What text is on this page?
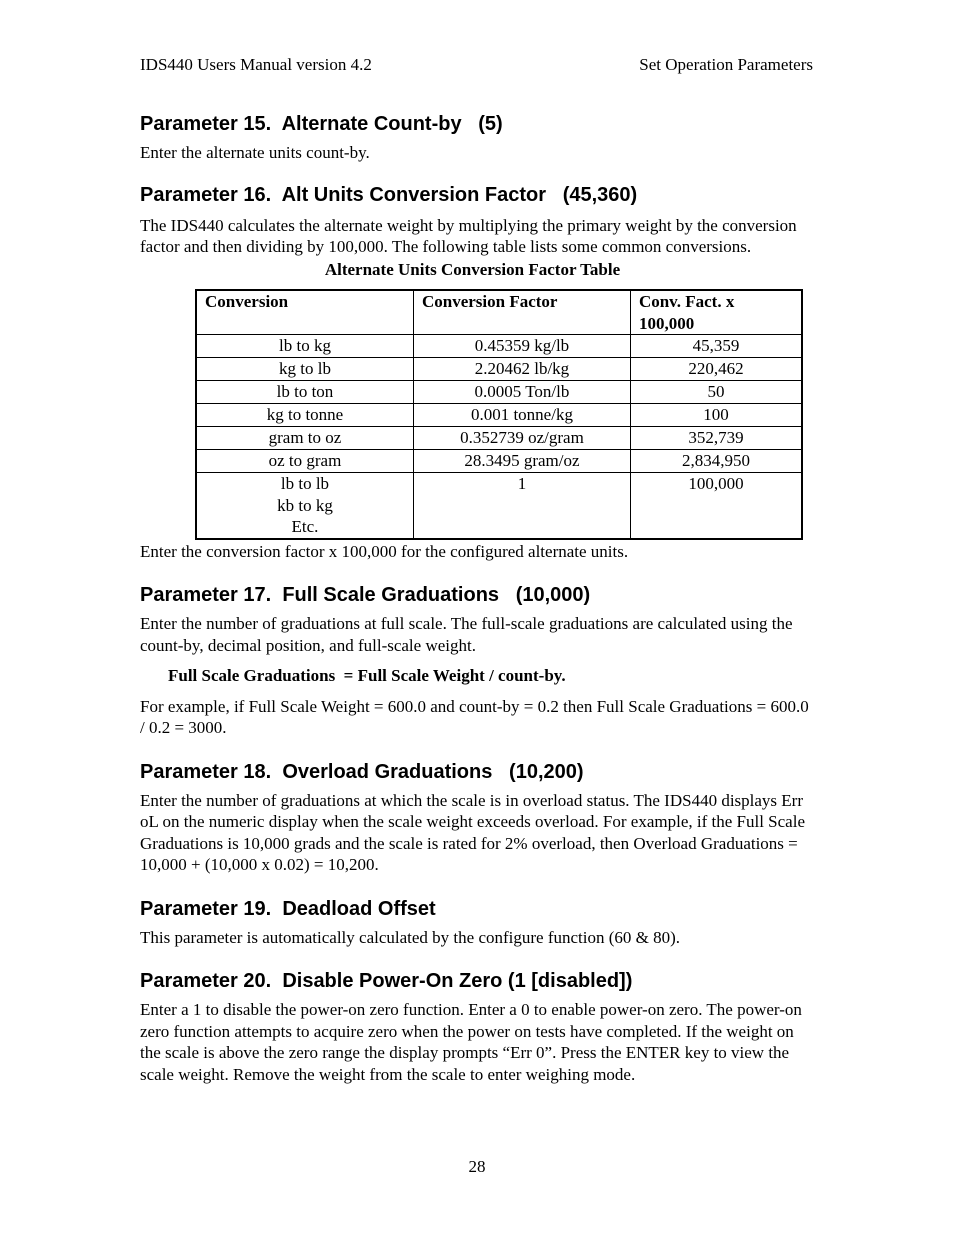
IDS440 Users Manual version 4.2	Set Operation Parameters
Parameter 15.  Alternate Count-by   (5)

Enter the alternate units count-by.

Parameter 16.  Alt Units Conversion Factor   (45,360)

The IDS440 calculates the alternate weight by multiplying the primary weight by the conversion factor and then dividing by 100,000. The following table lists some common conversions.

Alternate Units Conversion Factor Table

Conversion	Conversion Factor	Conv. Fact. x 100,000
lb to kg	0.45359 kg/lb	45,359
kg to lb	2.20462 lb/kg	220,462
lb to ton	0.0005 Ton/lb	50
kg to tonne	0.001 tonne/kg	100
gram to oz	0.352739 oz/gram	352,739
oz to gram	28.3495 gram/oz	2,834,950

lb to lb
kb to kg
Etc.	1	100,000

Enter the conversion factor x 100,000 for the configured alternate units.

Parameter 17.  Full Scale Graduations   (10,000)

Enter the number of graduations at full scale. The full-scale graduations are calculated using the count-by, decimal position, and full-scale weight.

Full Scale Graduations  = Full Scale Weight / count-by.

For example, if Full Scale Weight = 600.0 and count-by = 0.2 then Full Scale Graduations = 600.0 / 0.2 = 3000.

Parameter 18.  Overload Graduations   (10,200)

Enter the number of graduations at which the scale is in overload status. The IDS440 displays Err oL on the numeric display when the scale weight exceeds overload. For example, if the Full Scale Graduations is 10,000 grads and the scale is rated for 2% overload, then Overload Graduations = 10,000 + (10,000 x 0.02) = 10,200.

Parameter 19.  Deadload Offset

This parameter is automatically calculated by the configure function (60 & 80).

Parameter 20.  Disable Power-On Zero (1 [disabled])

Enter a 1 to disable the power-on zero function. Enter a 0 to enable power-on zero. The power-on zero function attempts to acquire zero when the power on tests have completed. If the weight on the scale is above the zero range the display prompts “Err 0”. Press the ENTER key to view the scale weight. Remove the weight from the scale to enter weighing mode.

28
